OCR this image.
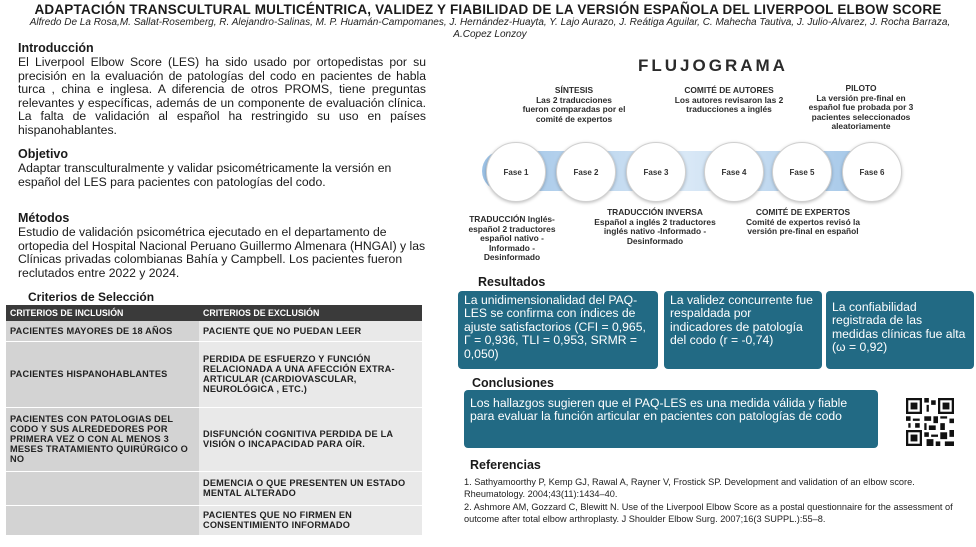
ADAPTACIÓN TRANSCULTURAL MULTICÉNTRICA, VALIDEZ Y FIABILIDAD DE LA VERSIÓN ESPAÑOLA DEL LIVERPOOL ELBOW SCORE
Alfredo De La Rosa,M. Sallat-Rosemberg, R. Alejandro-Salinas, M. P. Huamán-Campomanes, J. Hernández-Huayta, Y. Lajo Aurazo, J. Reátiga Aguilar, C. Mahecha Tautiva, J. Julio-Alvarez, J. Rocha Barraza, A.Copez Lonzoy
Introducción
El Liverpool Elbow Score (LES) ha sido usado por ortopedistas por su precisión en la evaluación de patologías del codo en pacientes de habla turca , china e inglesa. A diferencia de otros PROMS, tiene preguntas relevantes y específicas, además de un componente de evaluación clínica. La falta de validación al español ha restringido su uso en países hispanohablantes.
Objetivo
Adaptar transculturalmente y validar psicométricamente la versión en español del LES para pacientes con patologías del codo.
Métodos
Estudio de validación psicométrica ejecutado en el departamento de ortopedia del Hospital Nacional Peruano Guillermo Almenara (HNGAI) y las Clínicas privadas colombianas Bahía y Campbell. Los pacientes fueron reclutados entre 2022 y 2024.
Criterios de Selección
CRITERIOS DE INCLUSIÓN	CRITERIOS DE EXCLUSIÓN
PACIENTES MAYORES DE 18 AÑOS	PACIENTE QUE NO PUEDAN LEER
PACIENTES HISPANOHABLANTES	PERDIDA DE ESFUERZO Y FUNCIÓN RELACIONADA A UNA AFECCIÓN EXTRA-ARTICULAR (CARDIOVASCULAR, NEUROLÓGICA , ETC.)
PACIENTES CON PATOLOGIAS DEL CODO Y SUS ALREDEDORES POR PRIMERA VEZ O CON AL MENOS 3 MESES TRATAMIENTO QUIRÚRGICO O NO	DISFUNCIÓN COGNITIVA PERDIDA DE LA VISIÓN O INCAPACIDAD PARA OÍR.
	DEMENCIA O QUE PRESENTEN UN ESTADO MENTAL ALTERADO
	PACIENTES QUE NO FIRMEN EN CONSENTIMIENTO INFORMADO
FLUJOGRAMA
SÍNTESIS
Las 2 traducciones fueron comparadas por el comité de expertos
COMITÉ DE AUTORES
Los autores revisaron las 2 traducciones a inglés
PILOTO
La versión pre-final en español fue probada por 3 pacientes seleccionados aleatoriamente
Fase 1	Fase 2	Fase 3	Fase 4	Fase 5	Fase 6
TRADUCCIÓN Inglés-español 2 traductores español nativo -Informado -Desinformado
TRADUCCIÓN INVERSA
Español a inglés 2 traductores inglés nativo -Informado -Desinformado
COMITÉ DE EXPERTOS
Comité de expertos revisó la versión pre-final en español
Resultados
La unidimensionalidad del PAQ-LES se confirma con índices de ajuste satisfactorios (CFI = 0,965, Γ = 0,936, TLI = 0,953, SRMR = 0,050)
La validez concurrente fue respaldada por indicadores de patología del codo (r = -0,74)
La confiabilidad registrada de las medidas clínicas fue alta (ω = 0,92)
Conclusiones
Los hallazgos sugieren que el PAQ-LES es una medida válida y fiable para evaluar la función articular en pacientes con patologías de codo
Referencias
1. Sathyamoorthy P, Kemp GJ, Rawal A, Rayner V, Frostick SP. Development and validation of an elbow score. Rheumatology. 2004;43(11):1434–40.
2. Ashmore AM, Gozzard C, Blewitt N. Use of the Liverpool Elbow Score as a postal questionnaire for the assessment of outcome after total elbow arthroplasty. J Shoulder Elbow Surg. 2007;16(3 SUPPL.):55–8.
